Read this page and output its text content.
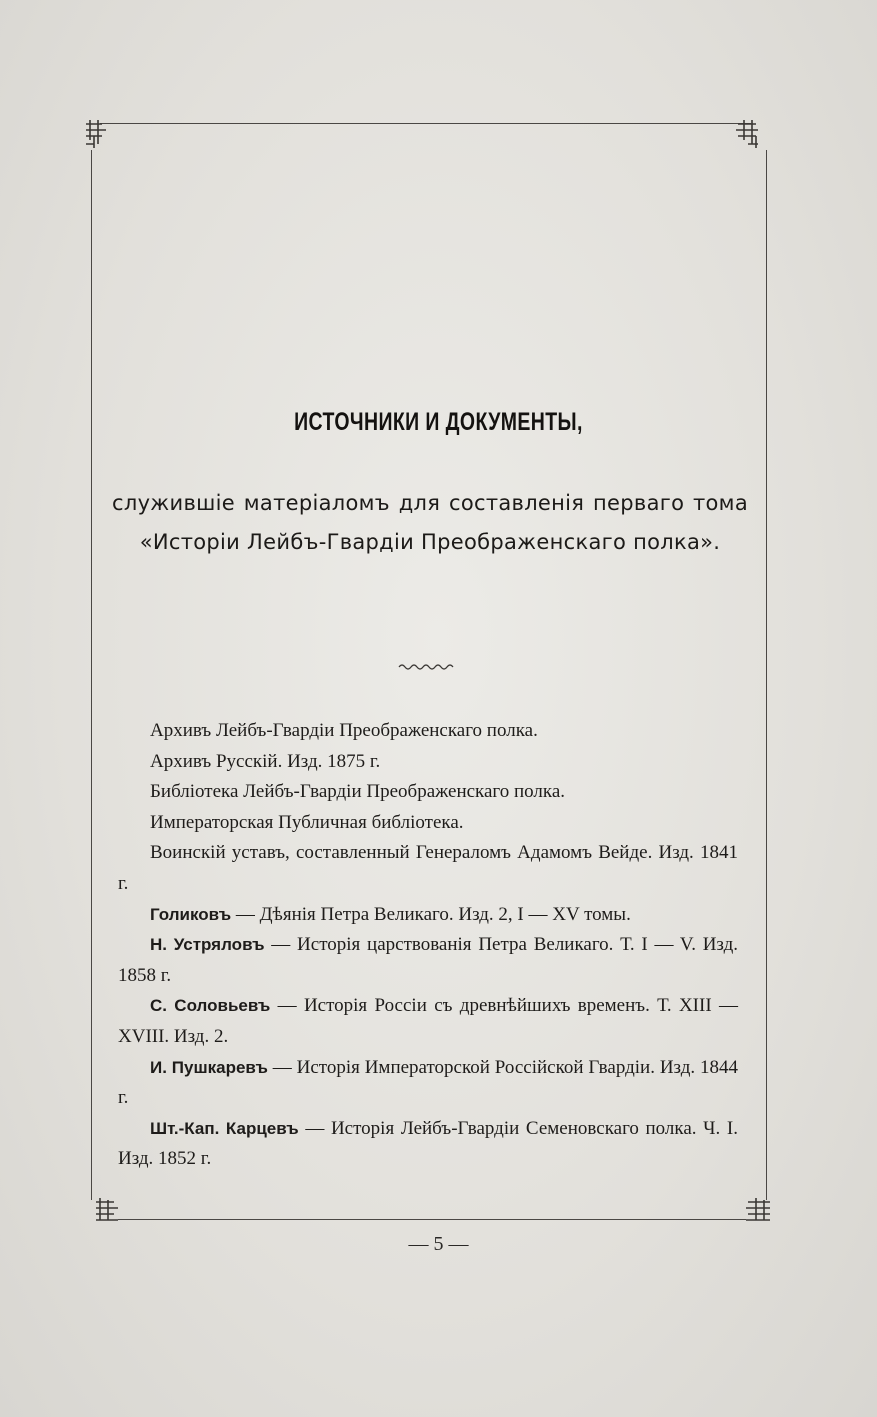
ИСТОЧНИКИ И ДОКУМЕНТЫ,
служившіе матеріаломъ для составленія перваго тома «Исторіи Лейбъ-Гвардіи Преображенскаго полка».

Архивъ Лейбъ-Гвардіи Преображенскаго полка.

Архивъ Русскій. Изд. 1875 г.

Библіотека Лейбъ-Гвардіи Преображенскаго полка.

Императорская Публичная библіотека.

Воинскій уставъ, составленный Генераломъ Адамомъ Вейде. Изд. 1841 г.

Голиковъ — Дѣянія Петра Великаго. Изд. 2, I — XV томы.

Н. Устряловъ — Исторія царствованія Петра Великаго. Т. I — V. Изд. 1858 г.

С. Соловьевъ — Исторія Россіи съ древнѣйшихъ временъ. Т. XIII — XVIII. Изд. 2.

И. Пушкаревъ — Исторія Императорской Россійской Гвардіи. Изд. 1844 г.

Шт.-Кап. Карцевъ — Исторія Лейбъ-Гвардіи Семеновскаго полка. Ч. I. Изд. 1852 г.

— 5 —
